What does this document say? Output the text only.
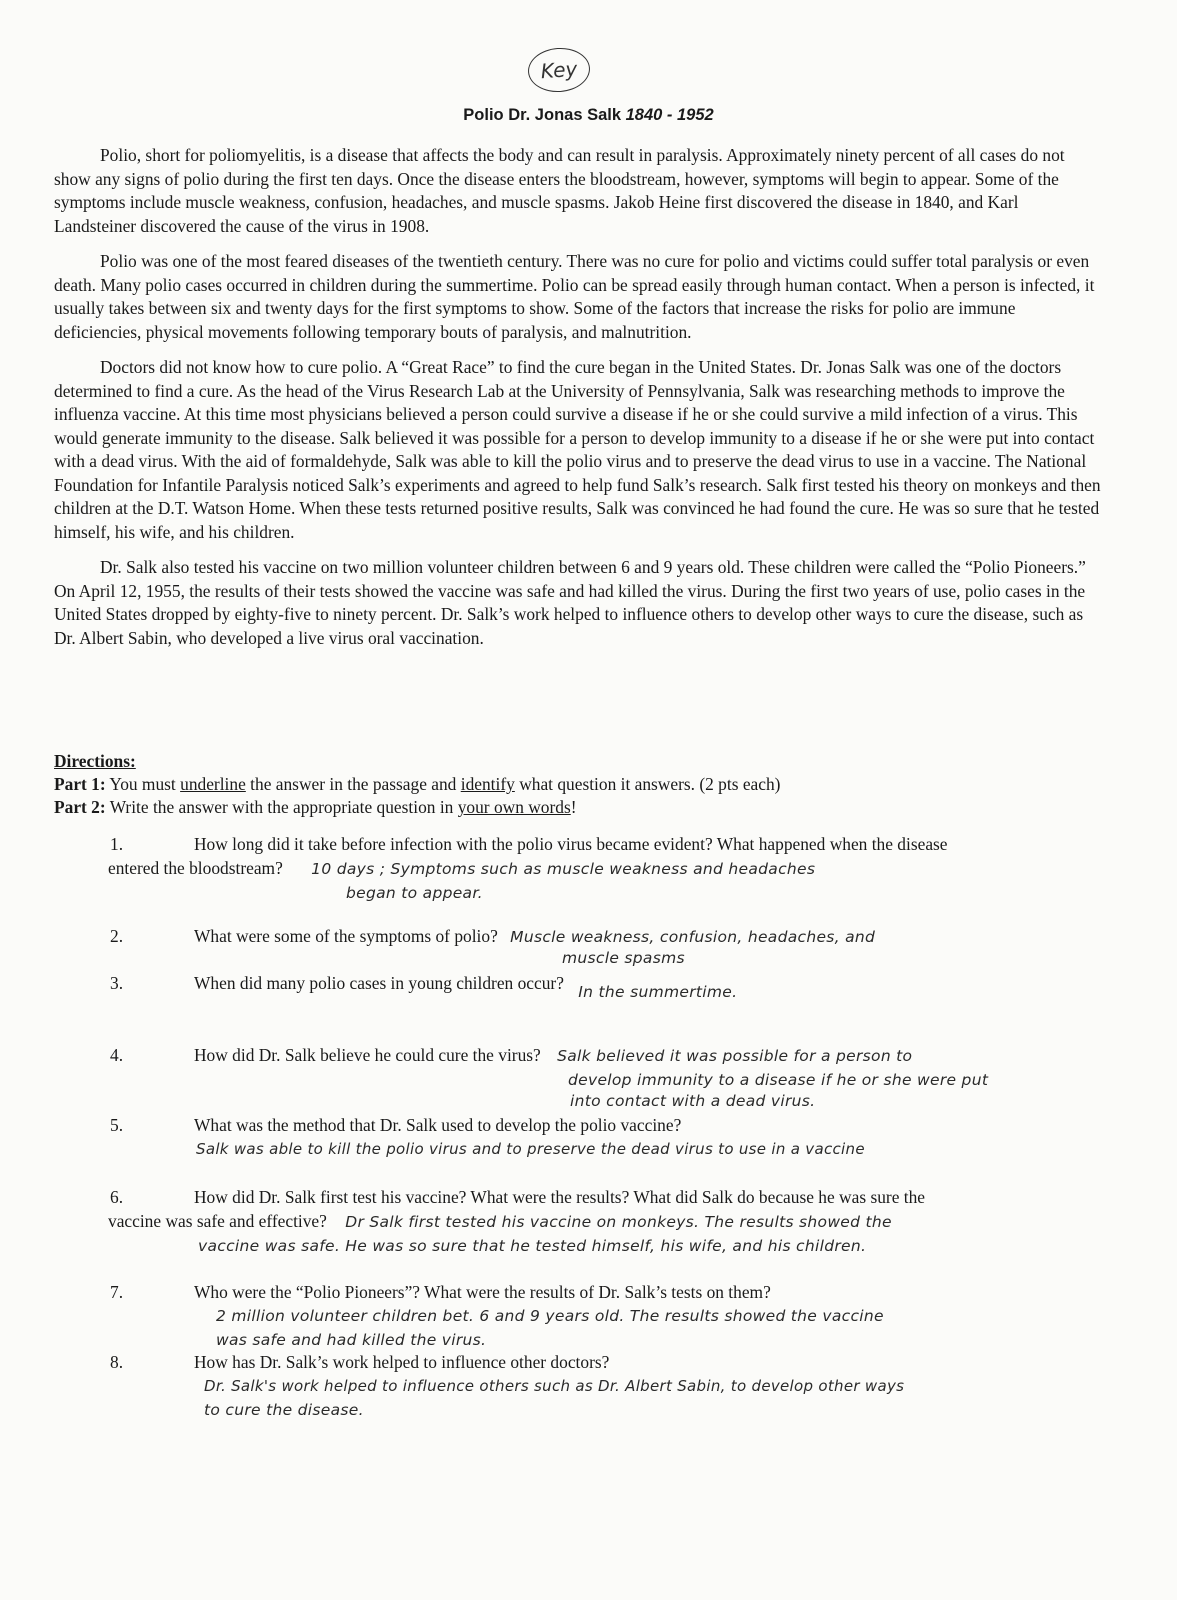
Key
Polio Dr. Jonas Salk 1840 - 1952

Polio, short for poliomyelitis, is a disease that affects the body and can result in paralysis. Approximately ninety percent of all cases do not show any signs of polio during the first ten days. Once the disease enters the bloodstream, however, symptoms will begin to appear. Some of the symptoms include muscle weakness, confusion, headaches, and muscle spasms. Jakob Heine first discovered the disease in 1840, and Karl Landsteiner discovered the cause of the virus in 1908.

Polio was one of the most feared diseases of the twentieth century. There was no cure for polio and victims could suffer total paralysis or even death. Many polio cases occurred in children during the summertime. Polio can be spread easily through human contact. When a person is infected, it usually takes between six and twenty days for the first symptoms to show. Some of the factors that increase the risks for polio are immune deficiencies, physical movements following temporary bouts of paralysis, and malnutrition.

Doctors did not know how to cure polio. A “Great Race” to find the cure began in the United States. Dr. Jonas Salk was one of the doctors determined to find a cure. As the head of the Virus Research Lab at the University of Pennsylvania, Salk was researching methods to improve the influenza vaccine. At this time most physicians believed a person could survive a disease if he or she could survive a mild infection of a virus. This would generate immunity to the disease. Salk believed it was possible for a person to develop immunity to a disease if he or she were put into contact with a dead virus. With the aid of formaldehyde, Salk was able to kill the polio virus and to preserve the dead virus to use in a vaccine. The National Foundation for Infantile Paralysis noticed Salk’s experiments and agreed to help fund Salk’s research. Salk first tested his theory on monkeys and then children at the D.T. Watson Home. When these tests returned positive results, Salk was convinced he had found the cure. He was so sure that he tested himself, his wife, and his children.

Dr. Salk also tested his vaccine on two million volunteer children between 6 and 9 years old. These children were called the “Polio Pioneers.” On April 12, 1955, the results of their tests showed the vaccine was safe and had killed the virus. During the first two years of use, polio cases in the United States dropped by eighty-five to ninety percent. Dr. Salk’s work helped to influence others to develop other ways to cure the disease, such as Dr. Albert Sabin, who developed a live virus oral vaccination.

Directions:
Part 1: You must underline the answer in the passage and identify what question it answers. (2 pts each)
Part 2: Write the answer with the appropriate question in your own words!
1.	How long did it take before infection with the polio virus became evident? What happened when the disease
entered the bloodstream? 10 days ; Symptoms such as muscle weakness and headaches
began to appear.
2.	What were some of the symptoms of polio? Muscle weakness, confusion, headaches, and
muscle spasms
3.	When did many polio cases in young children occur? In the summertime.
4.	How did Dr. Salk believe he could cure the virus? Salk believed it was possible for a person to
develop immunity to a disease if he or she were put
into contact with a dead virus.
5.	What was the method that Dr. Salk used to develop the polio vaccine?
Salk was able to kill the polio virus and to preserve the dead virus to use in a vaccine
6.	How did Dr. Salk first test his vaccine? What were the results? What did Salk do because he was sure the
vaccine was safe and effective? Dr Salk first tested his vaccine on monkeys. The results showed the
vaccine was safe. He was so sure that he tested himself, his wife, and his children.
7.	Who were the “Polio Pioneers”? What were the results of Dr. Salk’s tests on them?
2 million volunteer children bet. 6 and 9 years old. The results showed the vaccine
was safe and had killed the virus.
8.	How has Dr. Salk’s work helped to influence other doctors?
Dr. Salk's work helped to influence others such as Dr. Albert Sabin, to develop other ways
to cure the disease.
